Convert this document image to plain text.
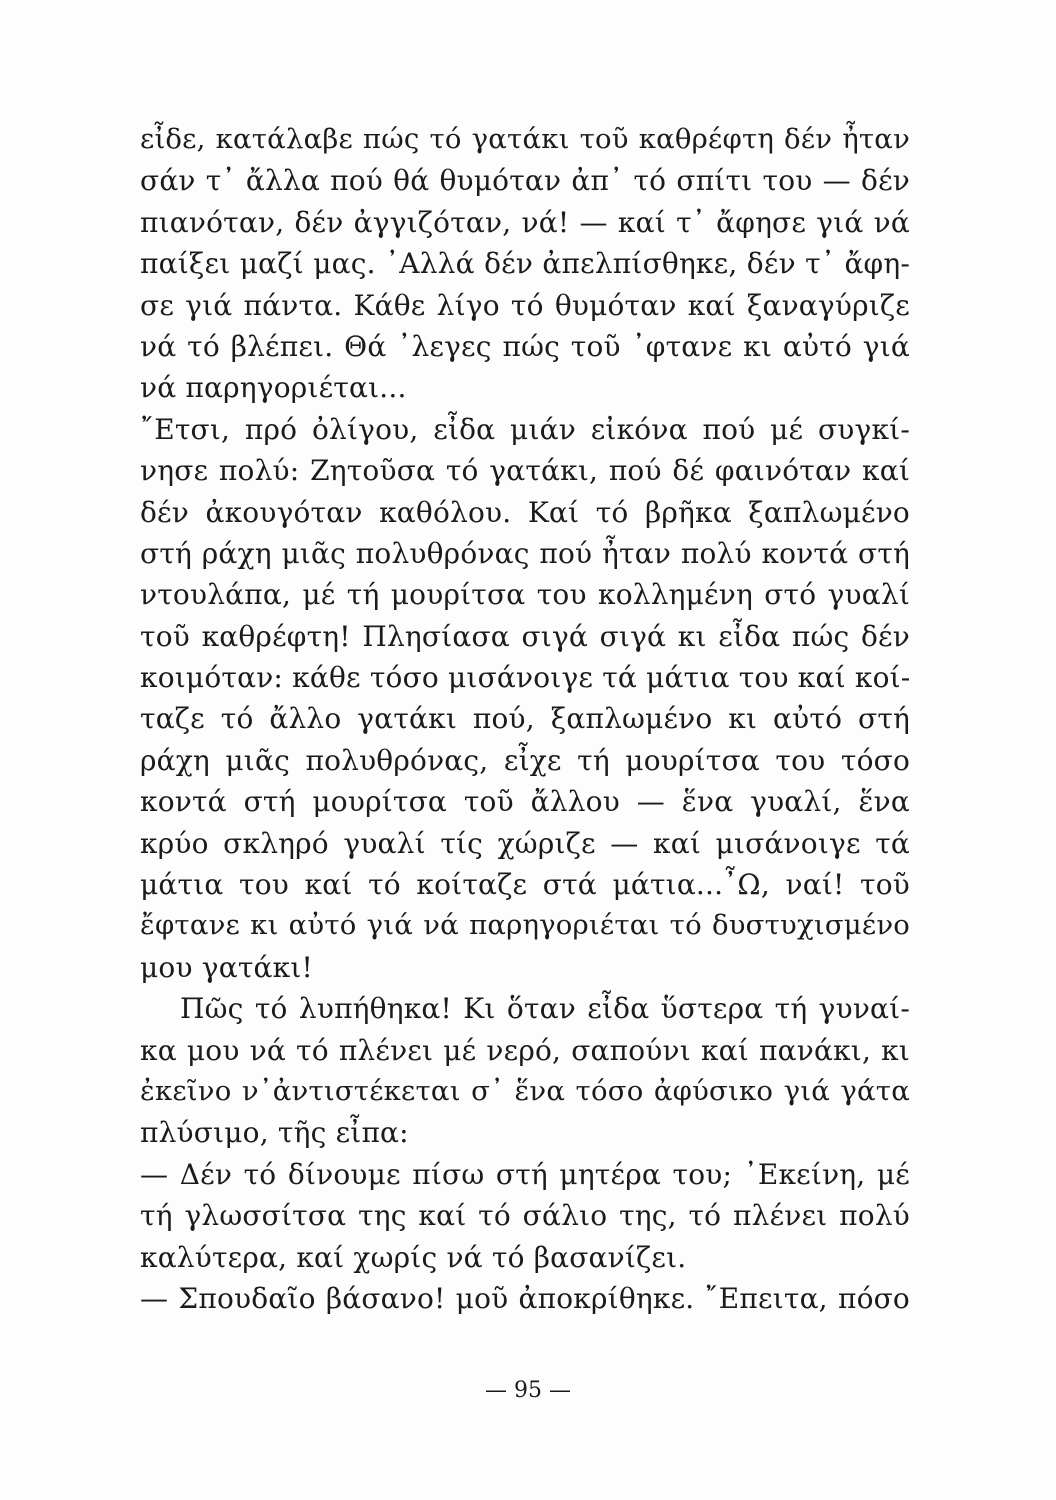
εἶδε, κατάλαβε πώς τό γατάκι τοῦ καθρέφτη δέν ἦταν
σάν τ᾽ ἄλλα πού θά θυμόταν ἀπ᾽ τό σπίτι του — δέν
πιανόταν, δέν ἀγγιζόταν, νά! — καί τ᾽ ἄφησε γιά νά
παίξει μαζί μας. ᾽Αλλά δέν ἀπελπίσθηκε, δέν τ᾽ ἄφη-
σε γιά πάντα. Κάθε λίγο τό θυμόταν καί ξαναγύριζε
νά τό βλέπει. Θά ᾽λεγες πώς τοῦ ᾽φτανε κι αὐτό γιά
νά παρηγοριέται...
῎Ετσι, πρό ὀλίγου, εἶδα μιάν εἰκόνα πού μέ συγκί-
νησε πολύ: Ζητοῦσα τό γατάκι, πού δέ φαινόταν καί
δέν ἀκουγόταν καθόλου. Καί τό βρῆκα ξαπλωμένο
στή ράχη μιᾶς πολυθρόνας πού ἦταν πολύ κοντά στή
ντουλάπα, μέ τή μουρίτσα του κολλημένη στό γυαλί
τοῦ καθρέφτη! Πλησίασα σιγά σιγά κι εἶδα πώς δέν
κοιμόταν: κάθε τόσο μισάνοιγε τά μάτια του καί κοί-
ταζε τό ἄλλο γατάκι πού, ξαπλωμένο κι αὐτό στή
ράχη μιᾶς πολυθρόνας, εἶχε τή μουρίτσα του τόσο
κοντά στή μουρίτσα τοῦ ἄλλου — ἕνα γυαλί, ἕνα
κρύο σκληρό γυαλί τίς χώριζε — καί μισάνοιγε τά
μάτια του καί τό κοίταζε στά μάτια...῏Ω, ναί! τοῦ
ἔφτανε κι αὐτό γιά νά παρηγοριέται τό δυστυχισμένο
μου γατάκι!
Πῶς τό λυπήθηκα! Κι ὅταν εἶδα ὕστερα τή γυναί-
κα μου νά τό πλένει μέ νερό, σαπούνι καί πανάκι, κι
ἐκεῖνο ν᾽ἀντιστέκεται σ᾽ ἕνα τόσο ἀφύσικο γιά γάτα
πλύσιμο, τῆς εἶπα:
— Δέν τό δίνουμε πίσω στή μητέρα του; ᾽Εκείνη, μέ
τή γλωσσίτσα της καί τό σάλιο της, τό πλένει πολύ
καλύτερα, καί χωρίς νά τό βασανίζει.
— Σπουδαῖο βάσανο! μοῦ ἀποκρίθηκε. ῎Επειτα, πόσο
— 95 —
